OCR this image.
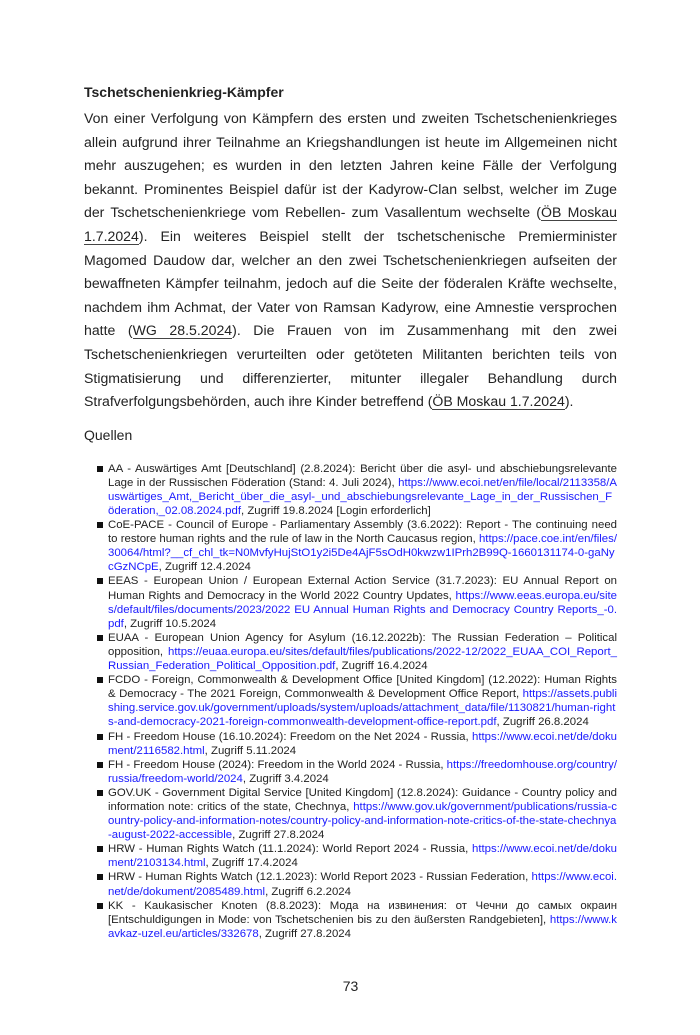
Tschetschenienkrieg-Kämpfer

Von einer Verfolgung von Kämpfern des ersten und zweiten Tschetschenienkrieges allein aufgrund ihrer Teilnahme an Kriegshandlungen ist heute im Allgemeinen nicht mehr auszugehen; es wurden in den letzten Jahren keine Fälle der Verfolgung bekannt. Prominentes Beispiel dafür ist der Kadyrow-Clan selbst, welcher im Zuge der Tschetschenienkriege vom Rebellen- zum Vasallentum wechselte (ÖB Moskau 1.7.2024). Ein weiteres Beispiel stellt der tschetschenische Premierminister Magomed Daudow dar, welcher an den zwei Tschetschenienkriegen aufseiten der bewaffneten Kämpfer teilnahm, jedoch auf die Seite der föderalen Kräfte wechselte, nachdem ihm Achmat, der Vater von Ramsan Kadyrow, eine Amnestie versprochen hatte (WG 28.5.2024). Die Frauen von im Zusammenhang mit den zwei Tschetschenienkriegen verurteilten oder getöteten Militanten berichten teils von Stigmatisierung und differenzierter, mitunter illegaler Behandlung durch Strafverfolgungsbehörden, auch ihre Kinder betreffend (ÖB Moskau 1.7.2024).

Quellen
AA - Auswärtiges Amt [Deutschland] (2.8.2024): Bericht über die asyl- und abschiebungsrelevante Lage in der Russischen Föderation (Stand: 4. Juli 2024), https://www.ecoi.net/en/file/local/2113358/Auswärtiges_Amt,_Bericht_über_die_asyl-_und_abschiebungsrelevante_Lage_in_der_Russischen_Föderation,_02.08.2024.pdf, Zugriff 19.8.2024 [Login erforderlich]
CoE-PACE - Council of Europe - Parliamentary Assembly (3.6.2022): Report - The continuing need to restore human rights and the rule of law in the North Caucasus region, https://pace.coe.int/en/files/30064/html?__cf_chl_tk=N0MvfyHujStO1y2i5De4AjF5sOdH0kwzw1IPrh2B99Q-1660131174-0-gaNycGzNCpE, Zugriff 12.4.2024
EEAS - European Union / European External Action Service (31.7.2023): EU Annual Report on Human Rights and Democracy in the World 2022 Country Updates, https://www.eeas.europa.eu/sites/default/files/documents/2023/2022 EU Annual Human Rights and Democracy Country Reports_-0.pdf, Zugriff 10.5.2024
EUAA - European Union Agency for Asylum (16.12.2022b): The Russian Federation – Political opposition, https://euaa.europa.eu/sites/default/files/publications/2022-12/2022_EUAA_COI_Report_Russian_Federation_Political_Opposition.pdf, Zugriff 16.4.2024
FCDO - Foreign, Commonwealth & Development Office [United Kingdom] (12.2022): Human Rights & Democracy - The 2021 Foreign, Commonwealth & Development Office Report, https://assets.publishing.service.gov.uk/government/uploads/system/uploads/attachment_data/file/1130821/human-rights-and-democracy-2021-foreign-commonwealth-development-office-report.pdf, Zugriff 26.8.2024
FH - Freedom House (16.10.2024): Freedom on the Net 2024 - Russia, https://www.ecoi.net/de/dokument/2116582.html, Zugriff 5.11.2024
FH - Freedom House (2024): Freedom in the World 2024 - Russia, https://freedomhouse.org/country/russia/freedom-world/2024, Zugriff 3.4.2024
GOV.UK - Government Digital Service [United Kingdom] (12.8.2024): Guidance - Country policy and information note: critics of the state, Chechnya, https://www.gov.uk/government/publications/russia-country-policy-and-information-notes/country-policy-and-information-note-critics-of-the-state-chechnya-august-2022-accessible, Zugriff 27.8.2024
HRW - Human Rights Watch (11.1.2024): World Report 2024 - Russia, https://www.ecoi.net/de/dokument/2103134.html, Zugriff 17.4.2024
HRW - Human Rights Watch (12.1.2023): World Report 2023 - Russian Federation, https://www.ecoi.net/de/dokument/2085489.html, Zugriff 6.2.2024
KK - Kaukasischer Knoten (8.8.2023): Мода на извинения: от Чечни до самых окраин [Entschuldigungen in Mode: von Tschetschenien bis zu den äußersten Randgebieten], https://www.kavkaz-uzel.eu/articles/332678, Zugriff 27.8.2024
73
